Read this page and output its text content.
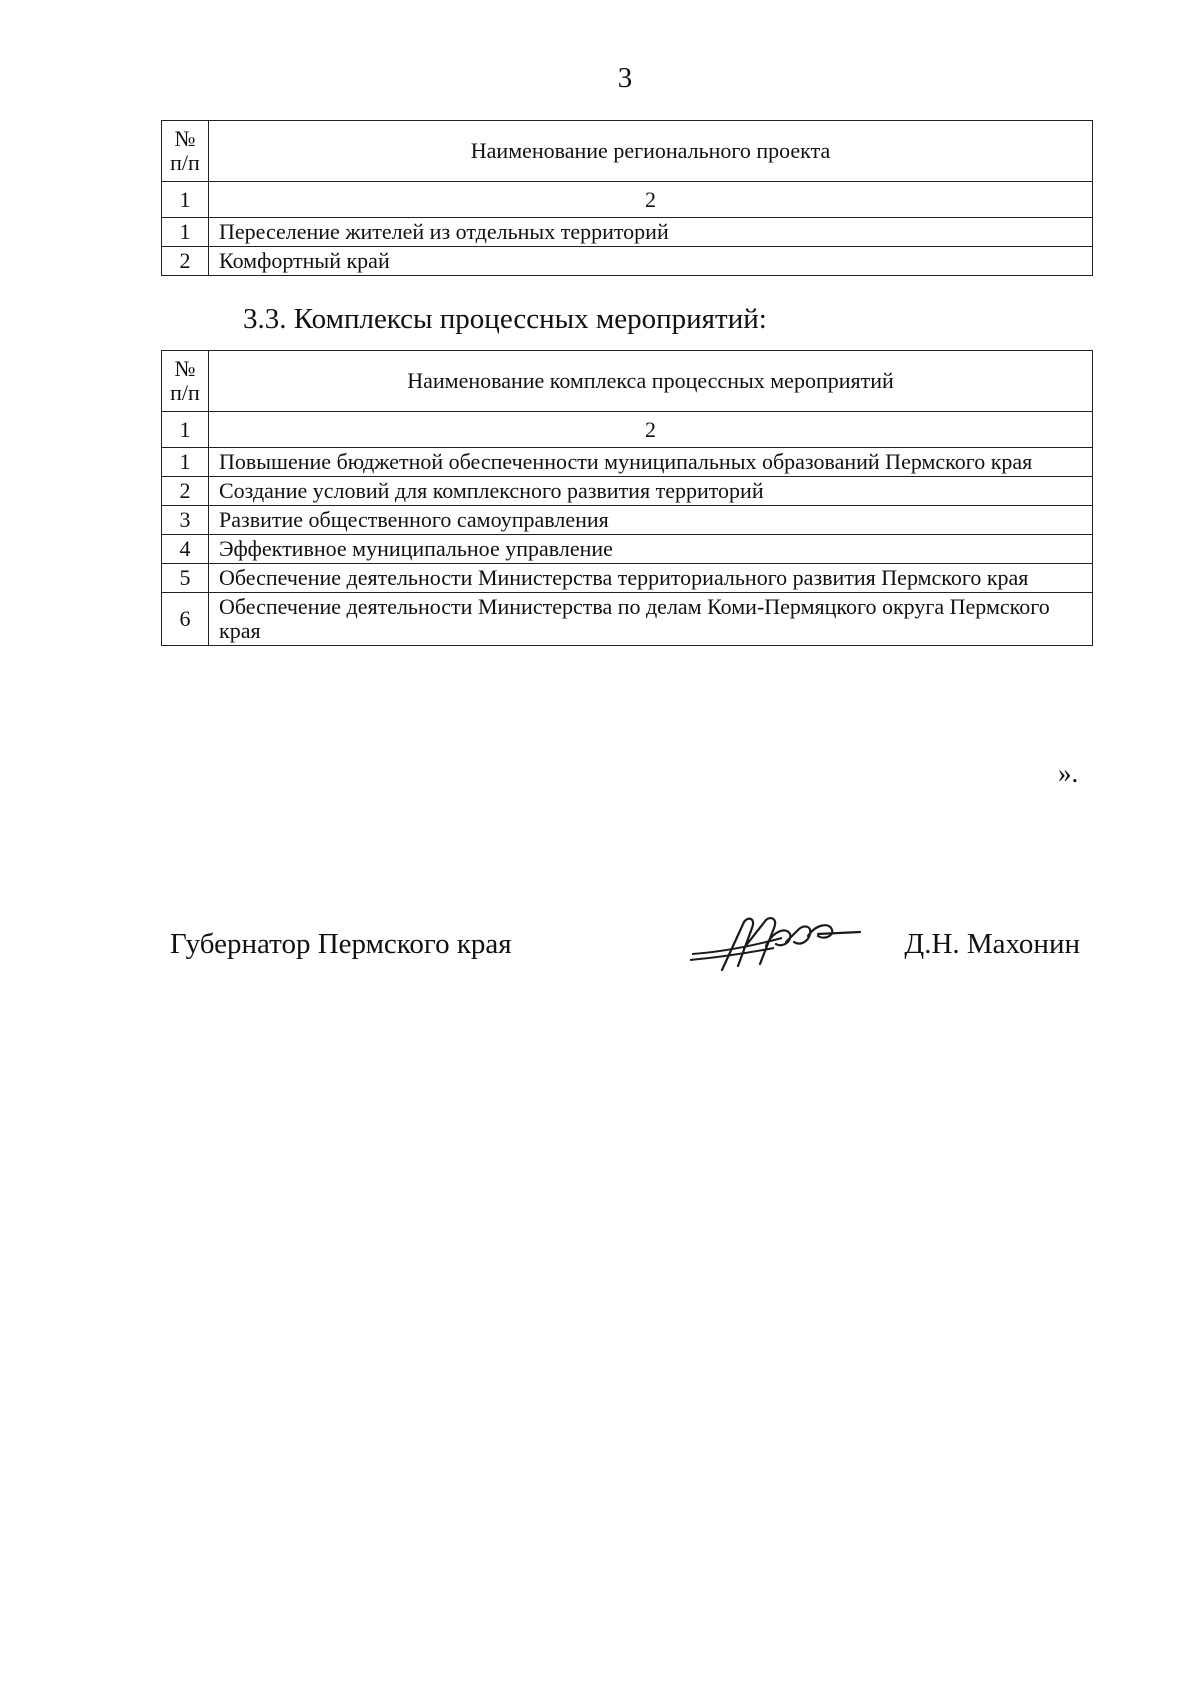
3
№ п/п	Наименование регионального проекта
1	2
1	Переселение жителей из отдельных территорий
2	Комфортный край
3.3. Комплексы процессных мероприятий:
№ п/п	Наименование комплекса процессных мероприятий
1	2
1	Повышение бюджетной обеспеченности муниципальных образований Пермского края
2	Создание условий для комплексного развития территорий
3	Развитие общественного самоуправления
4	Эффективное муниципальное управление
5	Обеспечение деятельности Министерства территориального развития Пермского края
6	Обеспечение деятельности Министерства по делам Коми-Пермяцкого округа Пермского края
».
Губернатор Пермского края	Д.Н. Махонин
